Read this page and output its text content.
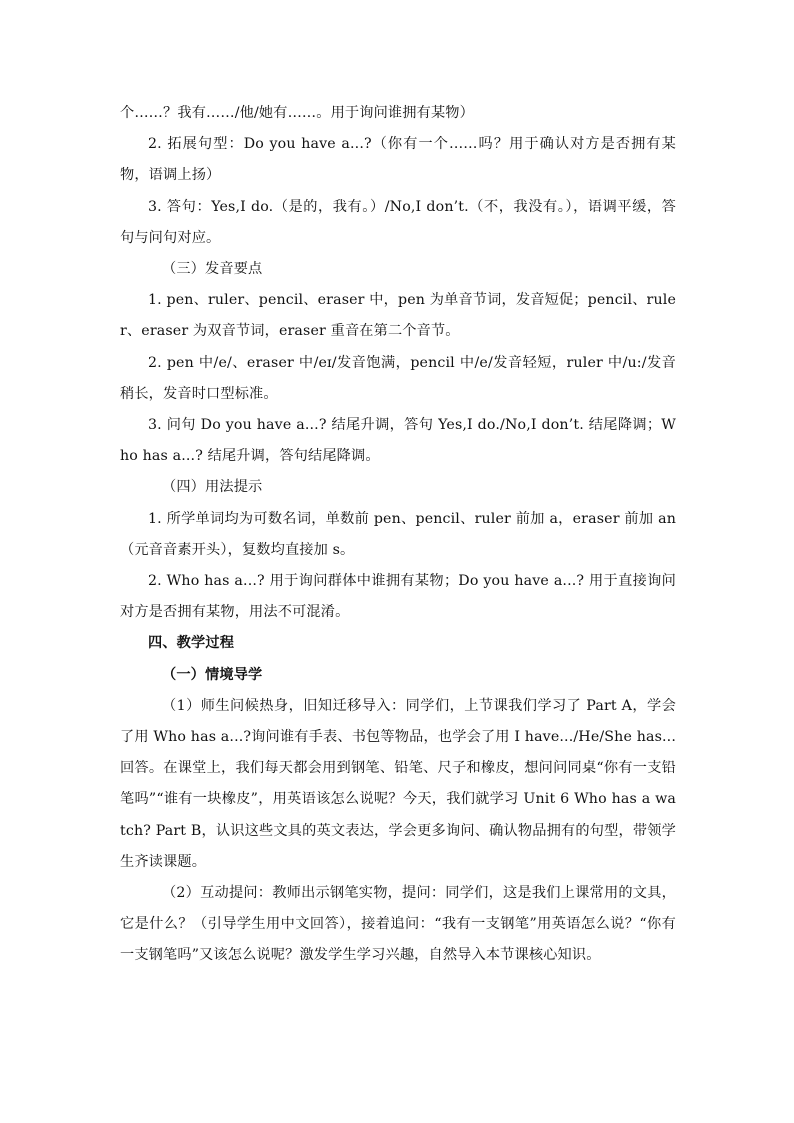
个……？我有……/他/她有……。用于询问谁拥有某物）

2. 拓展句型：Do you have a...?（你有一个……吗？用于确认对方是否拥有某物，语调上扬）

3. 答句：Yes,I do.（是的，我有。）/No,I don’t.（不，我没有。），语调平缓，答句与问句对应。

（三）发音要点

1. pen、ruler、pencil、eraser 中，pen 为单音节词，发音短促；pencil、ruler、eraser 为双音节词，eraser 重音在第二个音节。

2. pen 中/e/、eraser 中/eɪ/发音饱满，pencil 中/e/发音轻短，ruler 中/u:/发音稍长，发音时口型标准。

3. 问句 Do you have a...? 结尾升调，答句 Yes,I do./No,I don’t. 结尾降调；Who has a...? 结尾升调，答句结尾降调。

（四）用法提示

1. 所学单词均为可数名词，单数前 pen、pencil、ruler 前加 a，eraser 前加 an（元音音素开头），复数均直接加 s。

2. Who has a...? 用于询问群体中谁拥有某物；Do you have a...? 用于直接询问对方是否拥有某物，用法不可混淆。

四、教学过程

（一）情境导学

（1）师生问候热身，旧知迁移导入：同学们，上节课我们学习了 Part A，学会了用 Who has a...?询问谁有手表、书包等物品，也学会了用 I have.../He/She has...回答。在课堂上，我们每天都会用到钢笔、铅笔、尺子和橡皮，想问问同桌“你有一支铅笔吗”“谁有一块橡皮”，用英语该怎么说呢？今天，我们就学习 Unit 6 Who has a watch? Part B，认识这些文具的英文表达，学会更多询问、确认物品拥有的句型，带领学生齐读课题。

（2）互动提问：教师出示钢笔实物，提问：同学们，这是我们上课常用的文具，它是什么？（引导学生用中文回答），接着追问：“我有一支钢笔”用英语怎么说？“你有一支钢笔吗”又该怎么说呢？激发学生学习兴趣，自然导入本节课核心知识。
